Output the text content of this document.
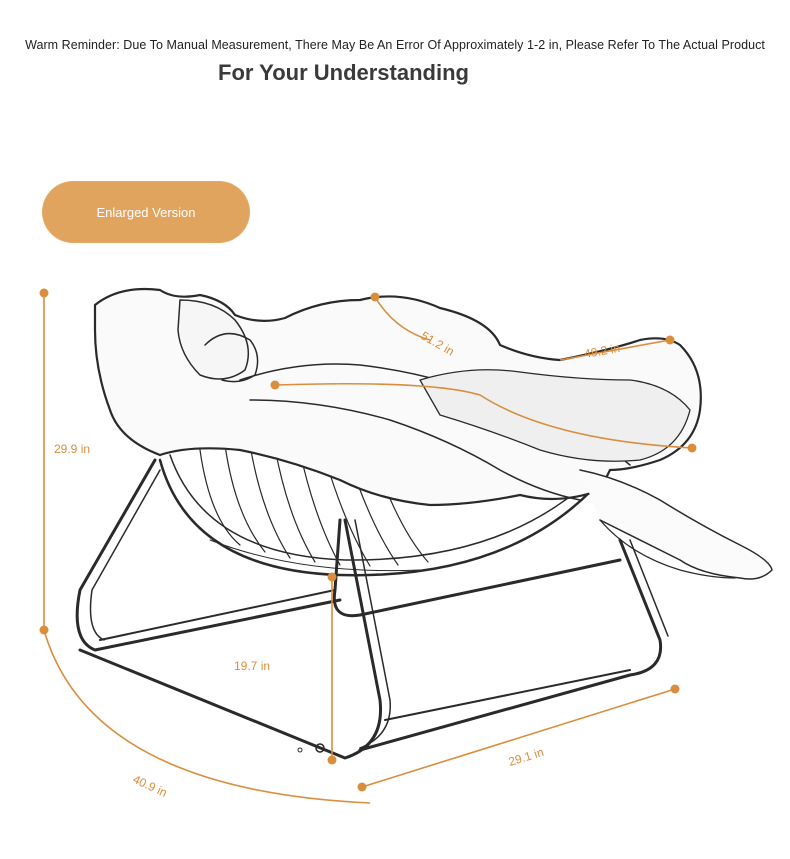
Warm Reminder: Due To Manual Measurement, There May Be An Error Of Approximately 1-2 in, Please Refer To The Actual Product
For Your Understanding
Enlarged Version
29.9 in
19.7 in
40.9 in
29.1 in
51.2 in	49.2 in
